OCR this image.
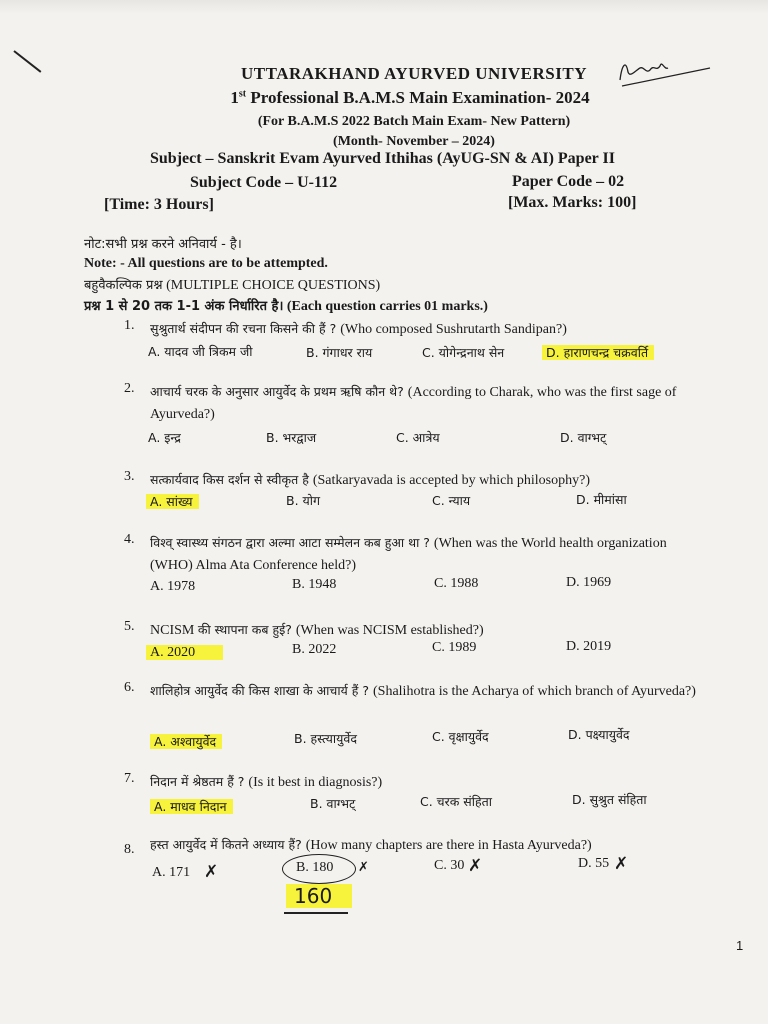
UTTARAKHAND AYURVED UNIVERSITY
1st Professional B.A.M.S Main Examination- 2024
(For B.A.M.S 2022 Batch Main Exam- New Pattern)
(Month- November – 2024)
Subject – Sanskrit Evam Ayurved Ithihas (AyUG-SN & AI) Paper II
Subject Code – U-112	Paper Code – 02
[Time: 3 Hours]	[Max. Marks: 100]
नोट:सभी प्रश्न करने अनिवार्य - है।
Note: - All questions are to be attempted.
बहुवैकल्पिक प्रश्न (MULTIPLE CHOICE QUESTIONS)
प्रश्न 1 से 20 तक 1-1 अंक निर्धारित है। (Each question carries 01 marks.)
1. सुश्रुतार्थ संदीपन की रचना किसने की हैं ? (Who composed Sushrutarth Sandipan?)
A. यादव जी त्रिकम जी	B. गंगाधर राय	C. योगेन्द्रनाथ सेन	D. हाराणचन्द्र चक्रवर्ति
2. आचार्य चरक के अनुसार आयुर्वेद के प्रथम ऋषि कौन थे? (According to Charak, who was the first sage of Ayurveda?)
A. इन्द्र	B. भरद्वाज	C. आत्रेय	D. वाग्भट्
3. सत्कार्यवाद किस दर्शन से स्वीकृत है (Satkaryavada is accepted by which philosophy?)
A. सांख्य	B. योग	C. न्याय	D. मीमांसा
4. विश्व् स्वास्थ्य संगठन द्वारा अल्मा आटा सम्मेलन कब हुआ था ? (When was the World health organization (WHO) Alma Ata Conference held?)
A. 1978	B. 1948	C. 1988	D. 1969
5. NCISM की स्थापना कब हुई? (When was NCISM established?)
A. 2020	B. 2022	C. 1989	D. 2019
6. शालिहोत्र आयुर्वेद की किस शाखा के आचार्य हैं ? (Shalihotra is the Acharya of which branch of Ayurveda?)
A. अश्वायुर्वेद	B. हस्त्यायुर्वेद	C. वृक्षायुर्वेद	D. पक्ष्यायुर्वेद
7. निदान में श्रेष्ठतम हैं ? (Is it best in diagnosis?)
A. माधव निदान	B. वाग्भट्	C. चरक संहिता	D. सुश्रुत संहिता
8. हस्त आयुर्वेद में कितने अध्याय हैं? (How many chapters are there in Hasta Ayurveda?)
A. 171 ✗	B. 180 ✗	C. 30 ✗	D. 55 ✗
160
1
